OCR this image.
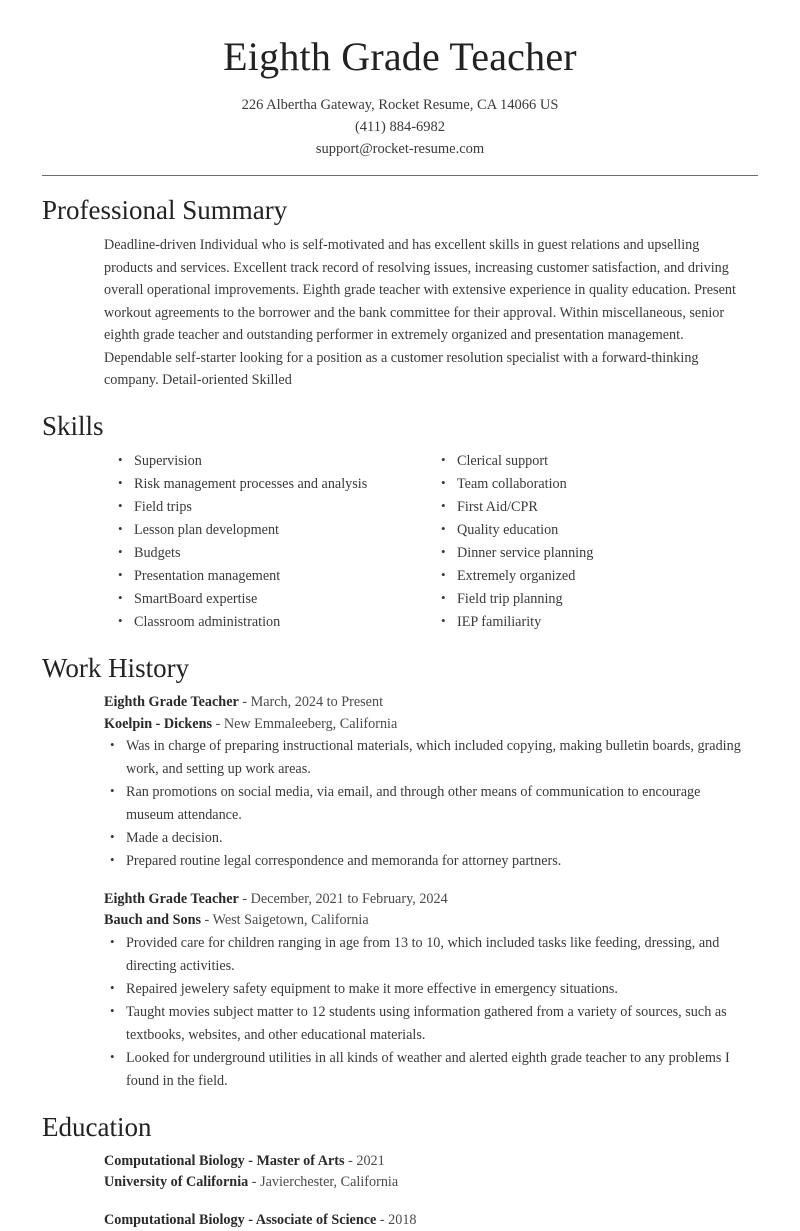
Eighth Grade Teacher
226 Albertha Gateway, Rocket Resume, CA 14066 US
(411) 884-6982
support@rocket-resume.com
Professional Summary

Deadline-driven Individual who is self-motivated and has excellent skills in guest relations and upselling products and services. Excellent track record of resolving issues, increasing customer satisfaction, and driving overall operational improvements. Eighth grade teacher with extensive experience in quality education. Present workout agreements to the borrower and the bank committee for their approval. Within miscellaneous, senior eighth grade teacher and outstanding performer in extremely organized and presentation management. Dependable self-starter looking for a position as a customer resolution specialist with a forward-thinking company. Detail-oriented Skilled

Skills
• Supervision
• Risk management processes and analysis
• Field trips
• Lesson plan development
• Budgets
• Presentation management
• SmartBoard expertise
• Classroom administration
• Clerical support
• Team collaboration
• First Aid/CPR
• Quality education
• Dinner service planning
• Extremely organized
• Field trip planning
• IEP familiarity
Work History
Eighth Grade Teacher - March, 2024 to Present
Koelpin - Dickens - New Emmaleeberg, California
• Was in charge of preparing instructional materials, which included copying, making bulletin boards, grading work, and setting up work areas.
• Ran promotions on social media, via email, and through other means of communication to encourage museum attendance.
• Made a decision.
• Prepared routine legal correspondence and memoranda for attorney partners.
Eighth Grade Teacher - December, 2021 to February, 2024
Bauch and Sons - West Saigetown, California
• Provided care for children ranging in age from 13 to 10, which included tasks like feeding, dressing, and directing activities.
• Repaired jewelery safety equipment to make it more effective in emergency situations.
• Taught movies subject matter to 12 students using information gathered from a variety of sources, such as textbooks, websites, and other educational materials.
• Looked for underground utilities in all kinds of weather and alerted eighth grade teacher to any problems I found in the field.
Education
Computational Biology - Master of Arts - 2021
University of California - Javierchester, California
Computational Biology - Associate of Science - 2018
